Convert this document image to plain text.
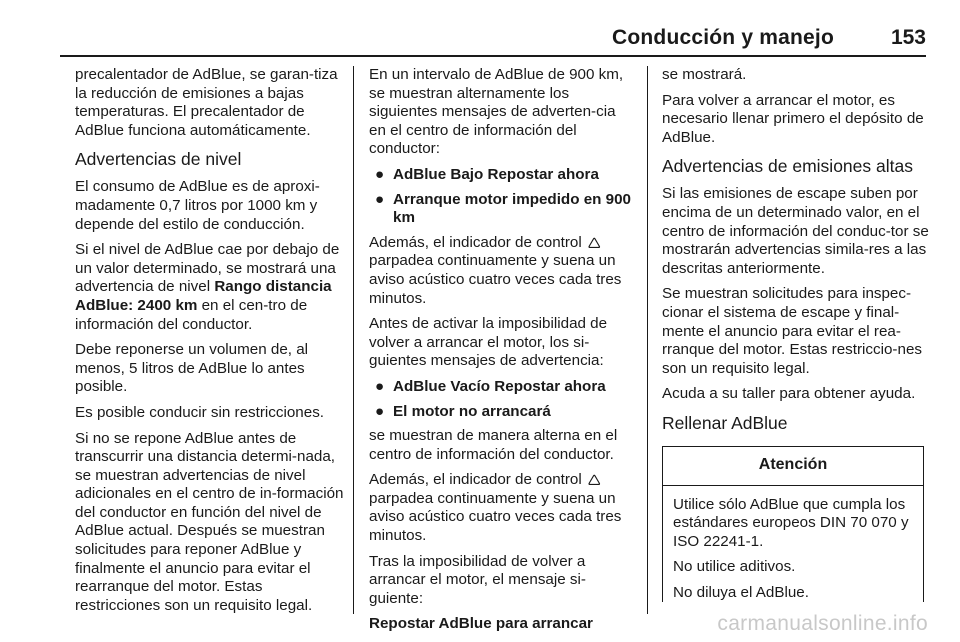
Conducción y manejo	153

precalentador de AdBlue, se garan-tiza la reducción de emisiones a bajas temperaturas. El precalentador de AdBlue funciona automáticamente.

Advertencias de nivel

El consumo de AdBlue es de aproxi-madamente 0,7 litros por 1000 km y depende del estilo de conducción.

Si el nivel de AdBlue cae por debajo de un valor determinado, se mostrará una advertencia de nivel Rango distancia AdBlue: 2400 km en el cen-tro de información del conductor.

Debe reponerse un volumen de, al menos, 5 litros de AdBlue lo antes posible.

Es posible conducir sin restricciones.

Si no se repone AdBlue antes de transcurrir una distancia determi-nada, se muestran advertencias de nivel adicionales en el centro de in-formación del conductor en función del nivel de AdBlue actual. Después se muestran solicitudes para reponer AdBlue y finalmente el anuncio para evitar el rearranque del motor. Estas restricciones son un requisito legal.

En un intervalo de AdBlue de 900 km, se muestran alternamente los siguientes mensajes de adverten-cia en el centro de información del conductor:

● AdBlue Bajo Repostar ahora
● Arranque motor impedido en 900 km

Además, el indicador de control 🛆
parpadea continuamente y suena un aviso acústico cuatro veces cada tres minutos.

Antes de activar la imposibilidad de volver a arrancar el motor, los si-guientes mensajes de advertencia:

● AdBlue Vacío Repostar ahora
● El motor no arrancará

se muestran de manera alterna en el centro de información del conductor.

Además, el indicador de control 🛆
parpadea continuamente y suena un aviso acústico cuatro veces cada tres minutos.

Tras la imposibilidad de volver a arrancar el motor, el mensaje si-guiente:

Repostar AdBlue para arrancar

se mostrará.

Para volver a arrancar el motor, es necesario llenar primero el depósito de AdBlue.

Advertencias de emisiones altas

Si las emisiones de escape suben por encima de un determinado valor, en el centro de información del conduc-tor se mostrarán advertencias simila-res a las descritas anteriormente.

Se muestran solicitudes para inspec-cionar el sistema de escape y final-mente el anuncio para evitar el rea-rranque del motor. Estas restriccio-nes son un requisito legal.

Acuda a su taller para obtener ayuda.

Rellenar AdBlue
Atención

Utilice sólo AdBlue que cumpla los estándares europeos DIN 70 070 y ISO 22241-1.

No utilice aditivos.

No diluya el AdBlue.

carmanualsonline.info
